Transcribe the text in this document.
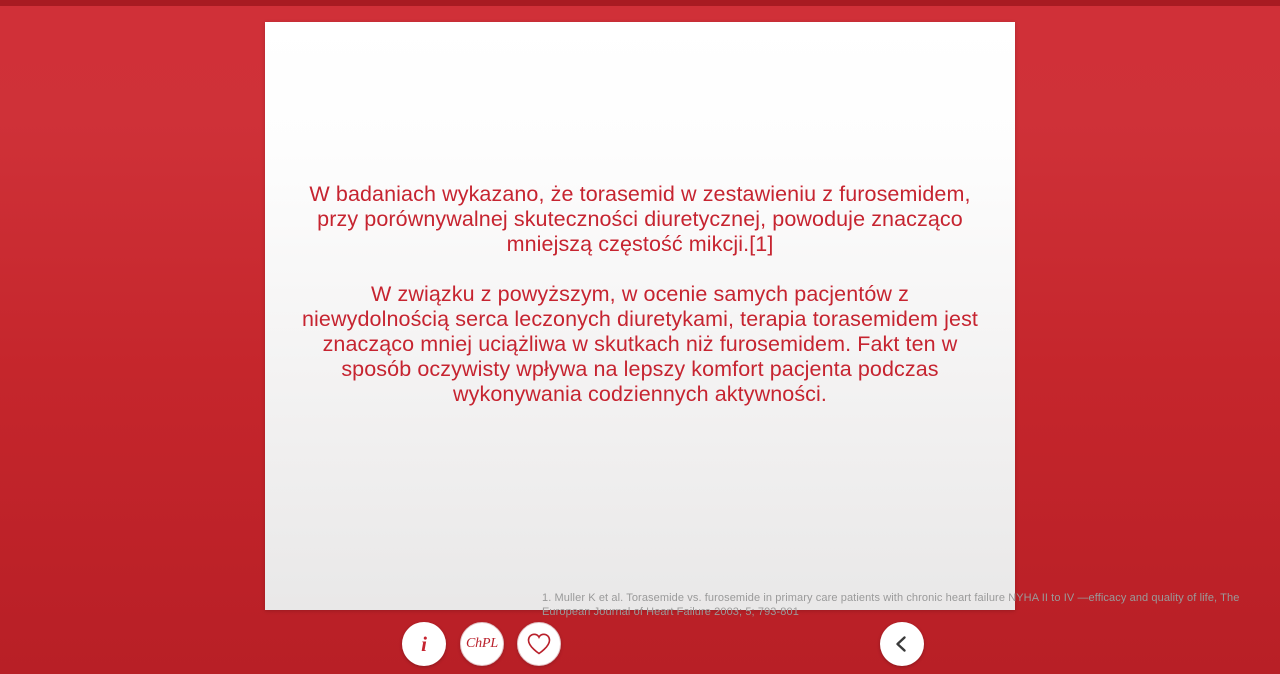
W badaniach wykazano, że torasemid w zestawieniu z furosemidem, przy porównywalnej skuteczności diuretycznej, powoduje znacząco mniejszą częstość mikcji.[1]

W związku z powyższym, w ocenie samych pacjentów z niewydolnością serca leczonych diuretykami, terapia torasemidem jest znacząco mniej uciążliwa w skutkach niż furosemidem. Fakt ten w sposób oczywisty wpływa na lepszy komfort pacjenta podczas wykonywania codziennych aktywności.

1. Muller K et al. Torasemide vs. furosemide in primary care patients with chronic heart failure NYHA II to IV —efficacy and quality of life, The European Journal of Heart Failure 2003; 5; 793-801
i	ChPL
